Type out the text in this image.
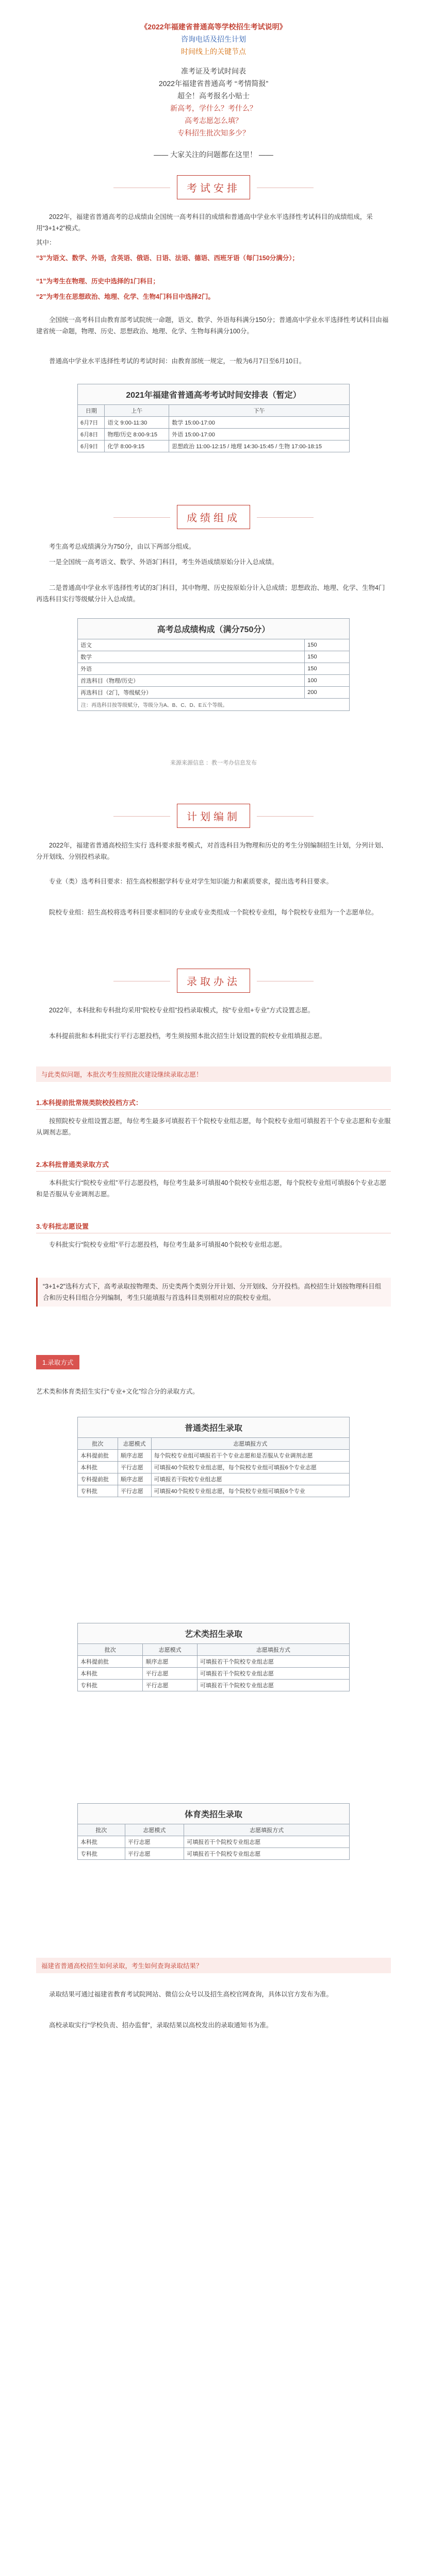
《2022年福建省普通高等学校招生考试说明》
咨询电话及招生计划
时间线上的关键节点
准考证及考试时间表
2022年福建省普通高考 “考情简报”
超全！高考报名小贴士
新高考，学什么？考什么？
高考志愿怎么填？
专科招生批次知多少？
—— 大家关注的问题都在这里！ ——
考试安排
2022年，福建省普通高考的总成绩由全国统一高考科目的成绩和普通高中学业水平选择性考试科目的成绩组成，采用“3+1+2”模式。
其中：
“3”为语文、数学、外语，含英语、俄语、日语、法语、德语、西班牙语（每门150分满分）；
“1”为考生在物理、历史中选择的1门科目；
“2”为考生在思想政治、地理、化学、生物4门科目中选择2门。
全国统一高考科目由教育部考试院统一命题，语文、数学、外语每科满分150分；普通高中学业水平选择性考试科目由福建省统一命题，物理、历史、思想政治、地理、化学、生物每科满分100分。
普通高中学业水平选择性考试的考试时间：由教育部统一规定，一般为6月7日至6月10日。
2021年福建省普通高考考试时间安排表（暂定）
日期	上午	下午
6月7日	语文 9:00-11:30	数学 15:00-17:00
6月8日	物理/历史 8:00-9:15	外语 15:00-17:00
6月9日	化学 8:00-9:15	思想政治 11:00-12:15 / 地理 14:30-15:45 / 生物 17:00-18:15
成绩组成
考生高考总成绩满分为750分，由以下两部分组成。
一是全国统一高考语文、数学、外语3门科目，考生外语成绩原始分计入总成绩。
二是普通高中学业水平选择性考试的3门科目，其中物理、历史按原始分计入总成绩；思想政治、地理、化学、生物4门再选科目实行等级赋分计入总成绩。
高考总成绩构成（满分750分）
语文	150
数学	150
外语	150
首选科目（物理/历史）	100
再选科目（2门，等级赋分）	200
注：再选科目按等级赋分，等级分为A、B、C、D、E五个等级。
来源来源信息 ：教一考办信息发布
计划编制
2022年，福建省普通高校招生实行 选科要求报考模式，对首选科目为物理和历史的考生分别编制招生计划，分列计划、分开划线、分别投档录取。
专业（类）选考科目要求：招生高校根据学科专业对学生知识能力和素质要求，提出选考科目要求。
院校专业组：招生高校将选考科目要求相同的专业或专业类组成一个院校专业组，每个院校专业组为一个志愿单位。
录取办法
2022年，本科批和专科批均采用“院校专业组”投档录取模式，按“专业组+专业”方式设置志愿。
本科提前批和本科批实行平行志愿投档，考生须按照本批次招生计划设置的院校专业组填报志愿。
与此类似问题，本批次考生按照批次建设继续录取志愿！
1.本科提前批常规类院校投档方式：
按照院校专业组设置志愿，每位考生最多可填报若干个院校专业组志愿，每个院校专业组可填报若干个专业志愿和专业服从调剂志愿。
2.本科批普通类录取方式
本科批实行“院校专业组”平行志愿投档，每位考生最多可填报40个院校专业组志愿，每个院校专业组可填报6个专业志愿和是否服从专业调剂志愿。
3.专科批志愿设置
专科批实行“院校专业组”平行志愿投档，每位考生最多可填报40个院校专业组志愿。
“3+1+2”选科方式下，高考录取按物理类、历史类两个类别分开计划、分开划线、分开投档。高校招生计划按物理科目组合和历史科目组合分列编制，考生只能填报与首选科目类别相对应的院校专业组。
1.录取方式
艺术类和体育类招生实行“专业+文化”综合分的录取方式。
普通类招生录取
批次	志愿模式	志愿填报方式
本科提前批	顺序志愿	每个院校专业组可填报若干个专业志愿和是否服从专业调剂志愿
本科批	平行志愿	可填报40个院校专业组志愿，每个院校专业组可填报6个专业志愿
专科提前批	顺序志愿	可填报若干院校专业组志愿
专科批	平行志愿	可填报40个院校专业组志愿，每个院校专业组可填报6个专业
艺术类招生录取
批次	志愿模式	志愿填报方式
本科提前批	顺序志愿	可填报若干个院校专业组志愿
本科批	平行志愿	可填报若干个院校专业组志愿
专科批	平行志愿	可填报若干个院校专业组志愿
体育类招生录取
批次	志愿模式	志愿填报方式
本科批	平行志愿	可填报若干个院校专业组志愿
专科批	平行志愿	可填报若干个院校专业组志愿
福建省普通高校招生如何录取，考生如何查询录取结果？
录取结果可通过福建省教育考试院网站、微信公众号以及招生高校官网查询，具体以官方发布为准。
高校录取实行“学校负责、招办监督”，录取结果以高校发出的录取通知书为准。
